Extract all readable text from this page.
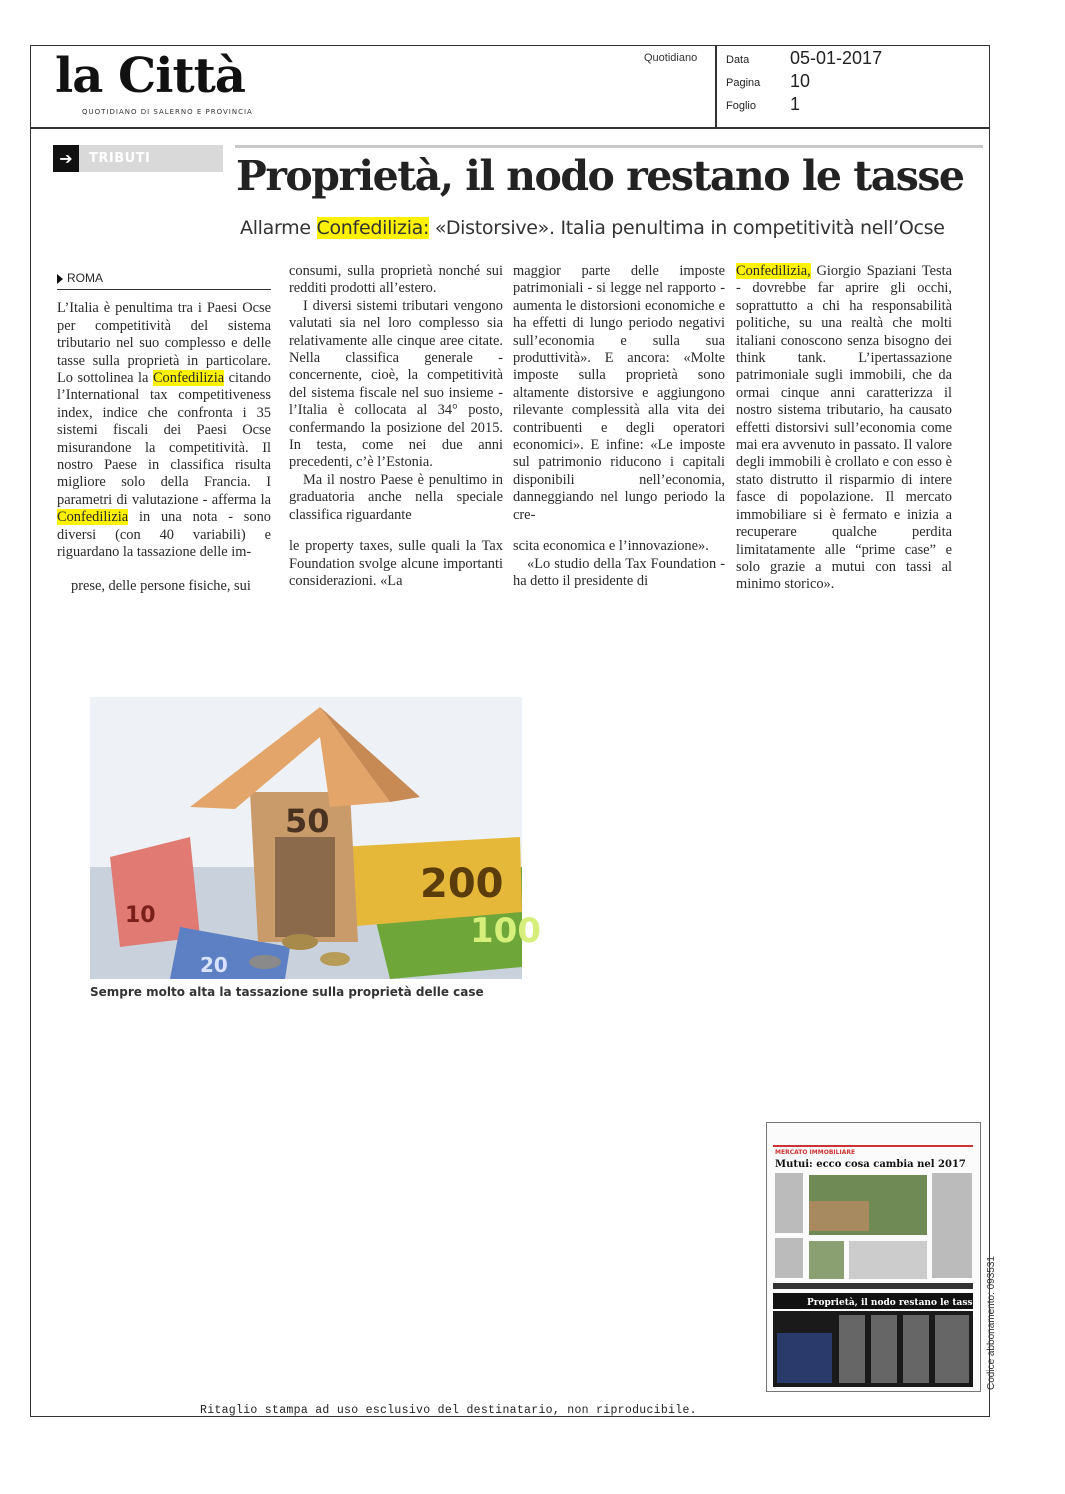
la Città
QUOTIDIANO DI SALERNO E PROVINCIA
Quotidiano	Data 05-01-2017
Pagina 10
Foglio 1
➔	TRIBUTI Proprietà, il nodo restano le tasse
Allarme Confedilizia: «Distorsive». Italia penultima in competitività nell’Ocse
ROMA

L’Italia è penultima tra i Paesi Ocse per competitività del sistema tributario nel suo complesso e delle tasse sulla proprietà in particolare. Lo sottolinea la Confedilizia citando l’International tax competitiveness index, indice che confronta i 35 sistemi fiscali dei Paesi Ocse misurandone la competitività. Il nostro Paese in classifica risulta migliore solo della Francia. I parametri di valutazione - afferma la Confedilizia in una nota - sono diversi (con 40 variabili) e riguardano la tassazione delle im-

prese, delle persone fisiche, sui

consumi, sulla proprietà nonché sui redditi prodotti all’estero.

I diversi sistemi tributari vengono valutati sia nel loro complesso sia relativamente alle cinque aree citate. Nella classifica generale - concernente, cioè, la competitività del sistema fiscale nel suo insieme - l’Italia è collocata al 34° posto, confermando la posizione del 2015. In testa, come nei due anni precedenti, c’è l’Estonia.

Ma il nostro Paese è penultimo in graduatoria anche nella speciale classifica riguardante

le property taxes, sulle quali la Tax Foundation svolge alcune importanti considerazioni. «La

maggior parte delle imposte patrimoniali - si legge nel rapporto - aumenta le distorsioni economiche e ha effetti di lungo periodo negativi sull’economia e sulla sua produttività». E ancora: «Molte imposte sulla proprietà sono altamente distorsive e aggiungono rilevante complessità alla vita dei contribuenti e degli operatori economici». E infine: «Le imposte sul patrimonio riducono i capitali disponibili nell’economia, danneggiando nel lungo periodo la cre-

scita economica e l’innovazione».

«Lo studio della Tax Foundation - ha detto il presidente di

Confedilizia, Giorgio Spaziani Testa - dovrebbe far aprire gli occhi, soprattutto a chi ha responsabilità politiche, su una realtà che molti italiani conoscono senza bisogno dei think tank. L’ipertassazione patrimoniale sugli immobili, che da ormai cinque anni caratterizza il nostro sistema tributario, ha causato effetti distorsivi sull’economia come mai era avvenuto in passato. Il valore degli immobili è crollato e con esso è stato distrutto il risparmio di intere fasce di popolazione. Il mercato immobiliare si è fermato e inizia a recuperare qualche perdita limitatamente alle “prime case” e solo grazie a mutui con tassi al minimo storico».

100
200
10
20
50
Sempre molto alta la tassazione sulla proprietà delle case
MERCATO IMMOBILIARE
Mutui: ecco cosa cambia nel 2017
Proprietà, il nodo restano le tasse
Ritaglio stampa ad uso esclusivo del destinatario, non riproducibile.
Codice abbonamento: 093531
